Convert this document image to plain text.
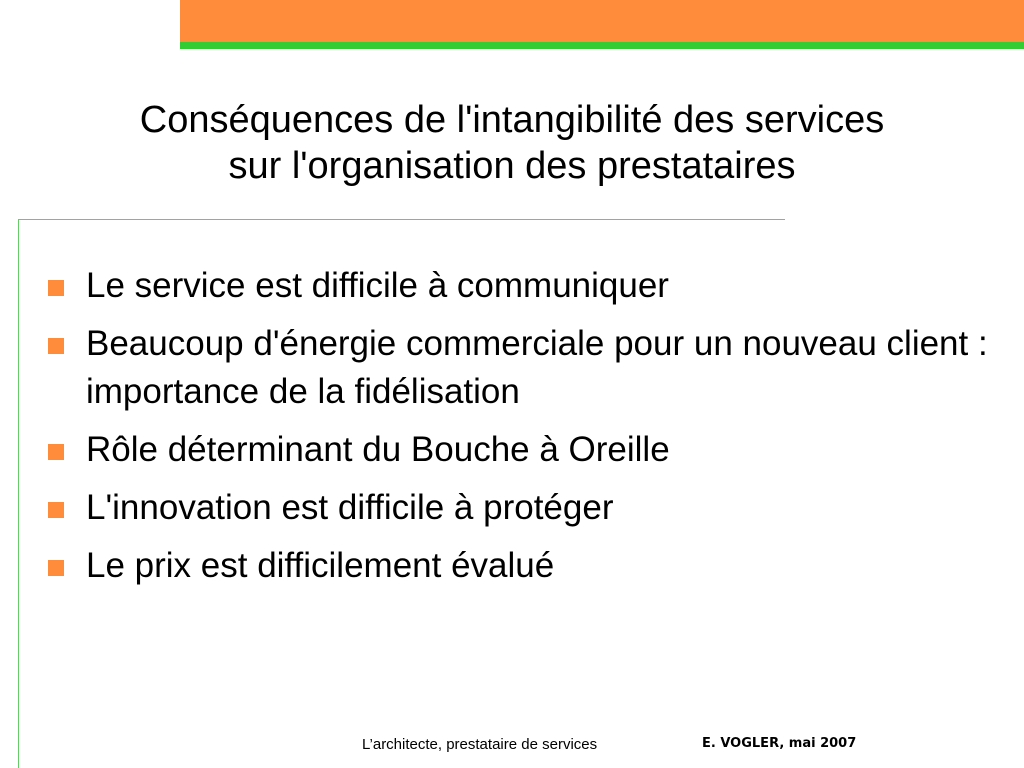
Conséquences de l'intangibilité des services
sur l'organisation des prestataires
Le service est difficile à communiquer
Beaucoup d'énergie commerciale pour un nouveau client : importance de la fidélisation
Rôle déterminant du Bouche à Oreille
L'innovation est difficile à protéger
Le prix est difficilement évalué
L’architecte, prestataire de services	E. VOGLER, mai 2007
